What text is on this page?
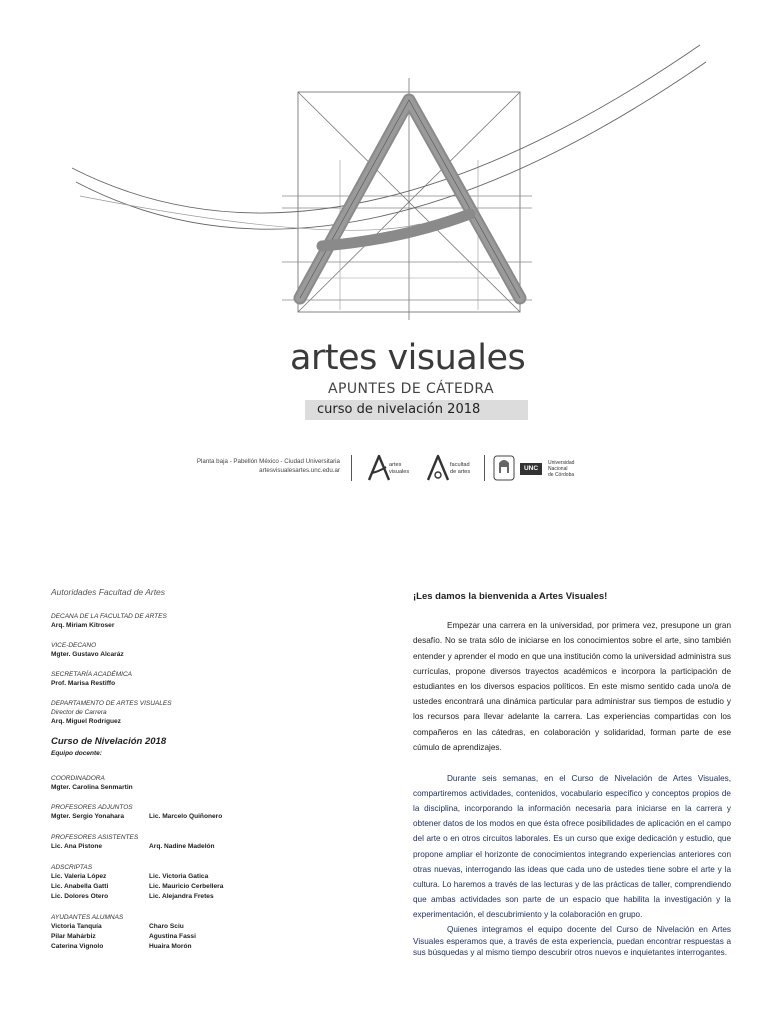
artes visuales
APUNTES DE CÁTEDRA
curso de nivelación 2018
Planta baja - Pabellón México - Ciudad Universitaria
artesvisualesartes.unc.edu.ar
artes
visuales
facultad
de artes	UNC
Universidad
Nacional
de Córdoba
Autoridades Facultad de Artes
DECANA DE LA FACULTAD DE ARTES
Arq. Miriam Kitroser
VICE-DECANO
Mgter. Gustavo Alcaráz
SECRETARÍA ACADÉMICA
Prof. Marisa Restiffo
DEPARTAMENTO DE ARTES VISUALES
Director de Carrera
Arq. Miguel Rodríguez
Curso de Nivelación 2018
Equipo docente:
COORDINADORA
Mgter. Carolina Senmartin
PROFESORES ADJUNTOS
Mgter. Sergio Yonahara	Lic. Marcelo Quiñonero
PROFESORES ASISTENTES
Lic. Ana Pistone	Arq. Nadine Madelón
ADSCRIPTAS
Lic. Valeria López	Lic. Victoria Gatica
Lic. Anabella Gatti	Lic. Mauricio Cerbellera
Lic. Dolores Otero	Lic. Alejandra Fretes
AYUDANTES ALUMNAS
Victoria Tanquía	Charo Sciu
Pilar Mahárbiz	Agustina Fassi
Caterina Vignolo	Huaira Morón
¡Les damos la bienvenida a Artes Visuales!

Empezar una carrera en la universidad, por primera vez, presupone un gran desafío. No se trata sólo de iniciarse en los conocimientos sobre el arte, sino también entender y aprender el modo en que una institución como la universidad administra sus currículas, propone diversos trayectos académicos e incorpora la participación de estudiantes en los diversos espacios políticos. En este mismo sentido cada uno/a de ustedes encontrará una dinámica particular para administrar sus tiempos de estudio y los recursos para llevar adelante la carrera. Las experiencias compartidas con los compañeros en las cátedras, en colaboración y solidaridad, forman parte de ese cúmulo de aprendizajes.

Durante seis semanas, en el Curso de Nivelación de Artes Visuales, compartiremos actividades, contenidos, vocabulario específico y conceptos propios de la disciplina, incorporando la información necesaria para iniciarse en la carrera y obtener datos de los modos en que ésta ofrece posibilidades de aplicación en el campo del arte o en otros circuitos laborales. Es un curso que exige dedicación y estudio, que propone ampliar el horizonte de conocimientos integrando experiencias anteriores con otras nuevas, interrogando las ideas que cada uno de ustedes tiene sobre el arte y la cultura. Lo haremos a través de las lecturas y de las prácticas de taller, comprendiendo que ambas actividades son parte de un espacio que habilita la investigación y la experimentación, el descubrimiento y la colaboración en grupo.

Quienes integramos el equipo docente del Curso de Nivelación en Artes Visuales esperamos que, a través de esta experiencia, puedan encontrar respuestas a sus búsquedas y al mismo tiempo descubrir otros nuevos e inquietantes interrogantes.
